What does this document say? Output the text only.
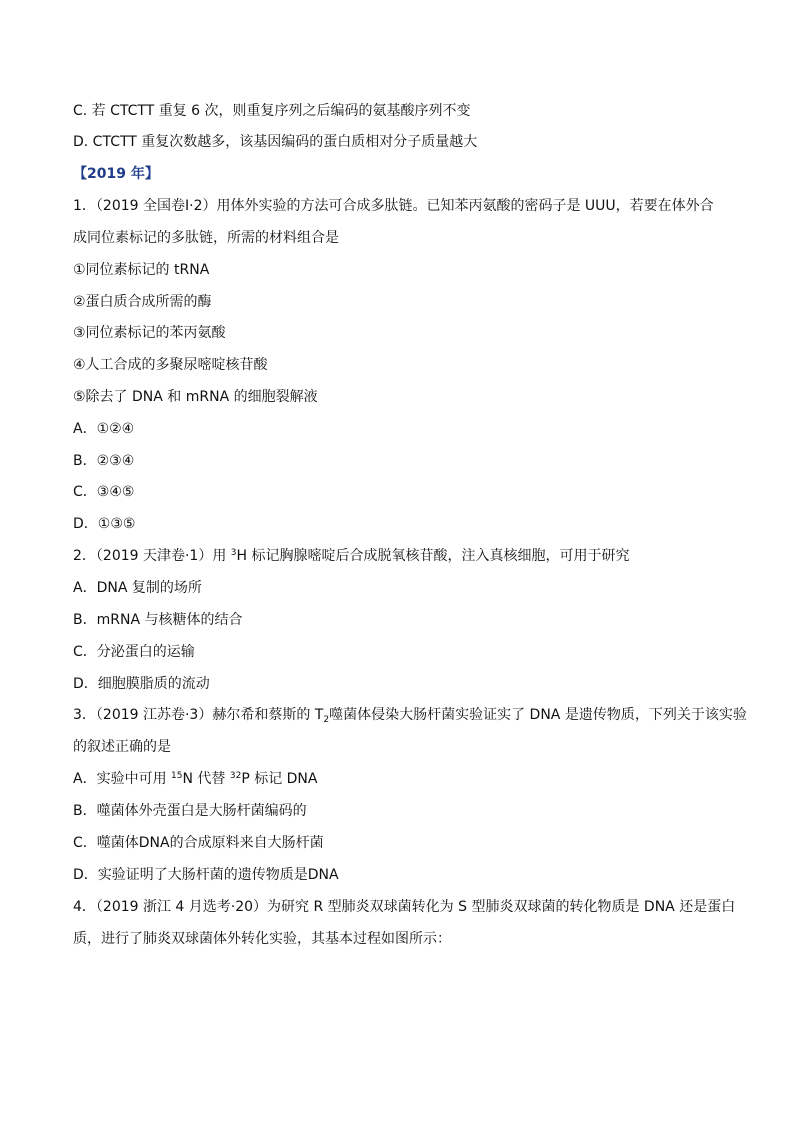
C. 若 CTCTT 重复 6 次，则重复序列之后编码的氨基酸序列不变
D. CTCTT 重复次数越多，该基因编码的蛋白质相对分子质量越大
【2019 年】
1．（2019 全国卷Ⅰ·2）用体外实验的方法可合成多肽链。已知苯丙氨酸的密码子是 UUU，若要在体外合
成同位素标记的多肽链，所需的材料组合是
①同位素标记的 tRNA
②蛋白质合成所需的酶
③同位素标记的苯丙氨酸
④人工合成的多聚尿嘧啶核苷酸
⑤除去了 DNA 和 mRNA 的细胞裂解液
A．①②④
B．②③④
C．③④⑤
D．①③⑤
2．（2019 天津卷·1）用 $^3$H 标记胸腺嘧啶后合成脱氧核苷酸，注入真核细胞，可用于研究
A．DNA 复制的场所
B．mRNA 与核糖体的结合
C．分泌蛋白的运输
D．细胞膜脂质的流动
3．（2019 江苏卷·3）赫尔希和蔡斯的 $T_2$噬菌体侵染大肠杆菌实验证实了 DNA 是遗传物质，下列关于该实验
的叙述正确的是
A．实验中可用 $^{15}$N 代替 $^{32}$P 标记 DNA
B．噬菌体外壳蛋白是大肠杆菌编码的
C．噬菌体DNA的合成原料来自大肠杆菌
D．实验证明了大肠杆菌的遗传物质是DNA
4．（2019 浙江 4 月选考·20）为研究 R 型肺炎双球菌转化为 S 型肺炎双球菌的转化物质是 DNA 还是蛋白
质，进行了肺炎双球菌体外转化实验，其基本过程如图所示：
